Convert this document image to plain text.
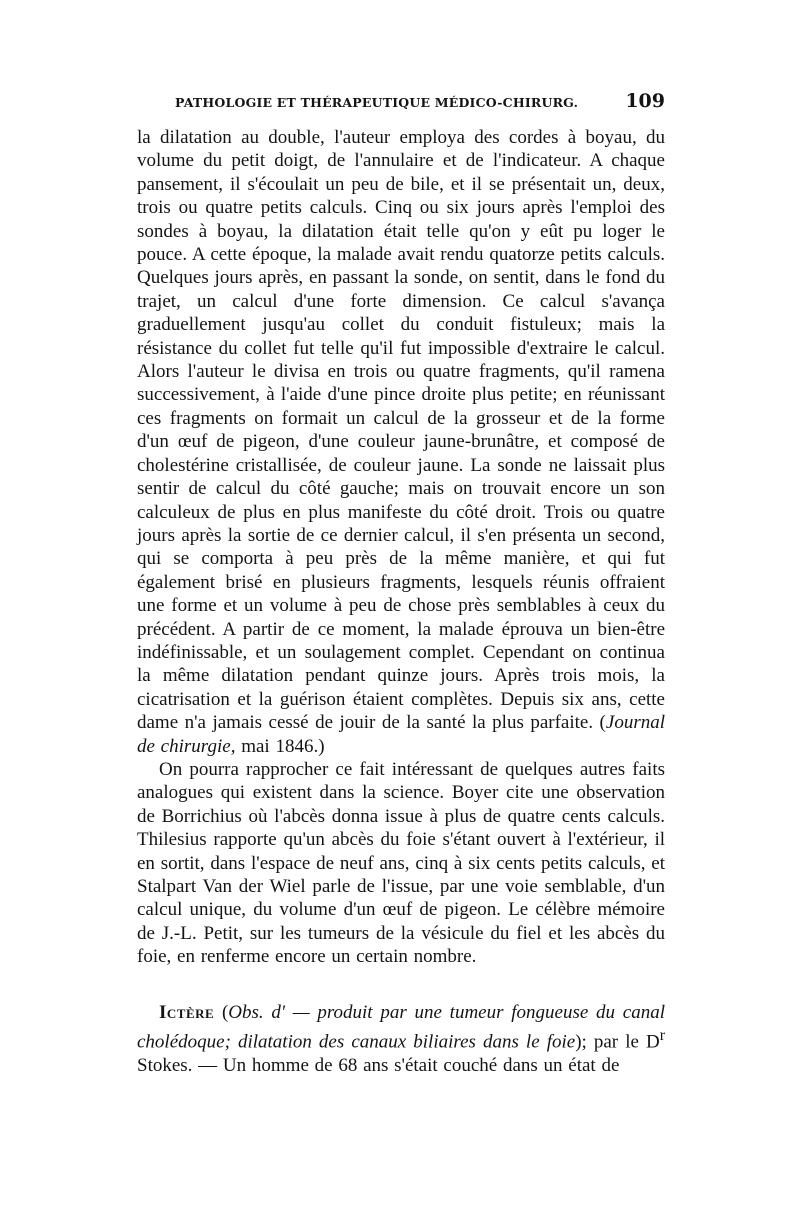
PATHOLOGIE ET THÉRAPEUTIQUE MÉDICO-CHIRURG. 109

la dilatation au double, l'auteur employa des cordes à boyau, du volume du petit doigt, de l'annulaire et de l'indicateur. A chaque pansement, il s'écoulait un peu de bile, et il se présentait un, deux, trois ou quatre petits calculs. Cinq ou six jours après l'emploi des sondes à boyau, la dilatation était telle qu'on y eût pu loger le pouce. A cette époque, la malade avait rendu quatorze petits calculs. Quelques jours après, en passant la sonde, on sentit, dans le fond du trajet, un calcul d'une forte dimension. Ce calcul s'avança graduellement jusqu'au collet du conduit fistuleux; mais la résistance du collet fut telle qu'il fut impossible d'extraire le calcul. Alors l'auteur le divisa en trois ou quatre fragments, qu'il ramena successivement, à l'aide d'une pince droite plus petite; en réunissant ces fragments on formait un calcul de la grosseur et de la forme d'un œuf de pigeon, d'une couleur jaune-brunâtre, et composé de cholestérine cristallisée, de couleur jaune. La sonde ne laissait plus sentir de calcul du côté gauche; mais on trouvait encore un son calculeux de plus en plus manifeste du côté droit. Trois ou quatre jours après la sortie de ce dernier calcul, il s'en présenta un second, qui se comporta à peu près de la même manière, et qui fut également brisé en plusieurs fragments, lesquels réunis offraient une forme et un volume à peu de chose près semblables à ceux du précédent. A partir de ce moment, la malade éprouva un bien-être indéfinissable, et un soulagement complet. Cependant on continua la même dilatation pendant quinze jours. Après trois mois, la cicatrisation et la guérison étaient complètes. Depuis six ans, cette dame n'a jamais cessé de jouir de la santé la plus parfaite. (Journal de chirurgie, mai 1846.)

On pourra rapprocher ce fait intéressant de quelques autres faits analogues qui existent dans la science. Boyer cite une observation de Borrichius où l'abcès donna issue à plus de quatre cents calculs. Thilesius rapporte qu'un abcès du foie s'étant ouvert à l'extérieur, il en sortit, dans l'espace de neuf ans, cinq à six cents petits calculs, et Stalpart Van der Wiel parle de l'issue, par une voie semblable, d'un calcul unique, du volume d'un œuf de pigeon. Le célèbre mémoire de J.-L. Petit, sur les tumeurs de la vésicule du fiel et les abcès du foie, en renferme encore un certain nombre.

Ictère (Obs. d' — produit par une tumeur fongueuse du canal cholédoque; dilatation des canaux biliaires dans le foie); par le $D^r$ Stokes. — Un homme de 68 ans s'était couché dans un état de
